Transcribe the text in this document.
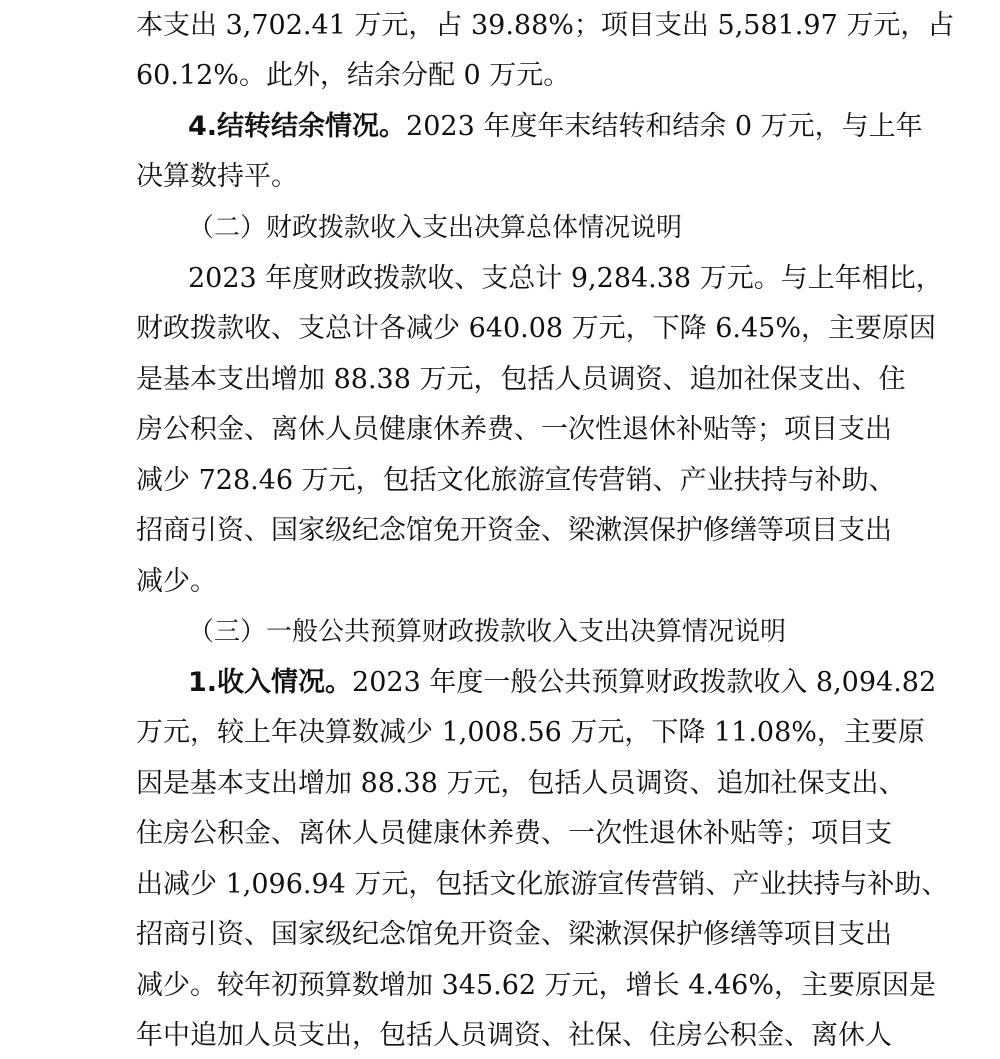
本支出 3,702.41 万元，占 39.88%；项目支出 5,581.97 万元，占
60.12%。此外，结余分配 0 万元。
4.结转结余情况。2023 年度年末结转和结余 0 万元，与上年
决算数持平。
（二）财政拨款收入支出决算总体情况说明
2023 年度财政拨款收、支总计 9,284.38 万元。与上年相比，
财政拨款收、支总计各减少 640.08 万元，下降 6.45%，主要原因
是基本支出增加 88.38 万元，包括人员调资、追加社保支出、住
房公积金、离休人员健康休养费、一次性退休补贴等；项目支出
减少 728.46 万元，包括文化旅游宣传营销、产业扶持与补助、
招商引资、国家级纪念馆免开资金、梁漱溟保护修缮等项目支出
减少。
（三）一般公共预算财政拨款收入支出决算情况说明
1.收入情况。2023 年度一般公共预算财政拨款收入 8,094.82
万元，较上年决算数减少 1,008.56 万元，下降 11.08%，主要原
因是基本支出增加 88.38 万元，包括人员调资、追加社保支出、
住房公积金、离休人员健康休养费、一次性退休补贴等；项目支
出减少 1,096.94 万元，包括文化旅游宣传营销、产业扶持与补助、
招商引资、国家级纪念馆免开资金、梁漱溟保护修缮等项目支出
减少。较年初预算数增加 345.62 万元，增长 4.46%，主要原因是
年中追加人员支出，包括人员调资、社保、住房公积金、离休人
